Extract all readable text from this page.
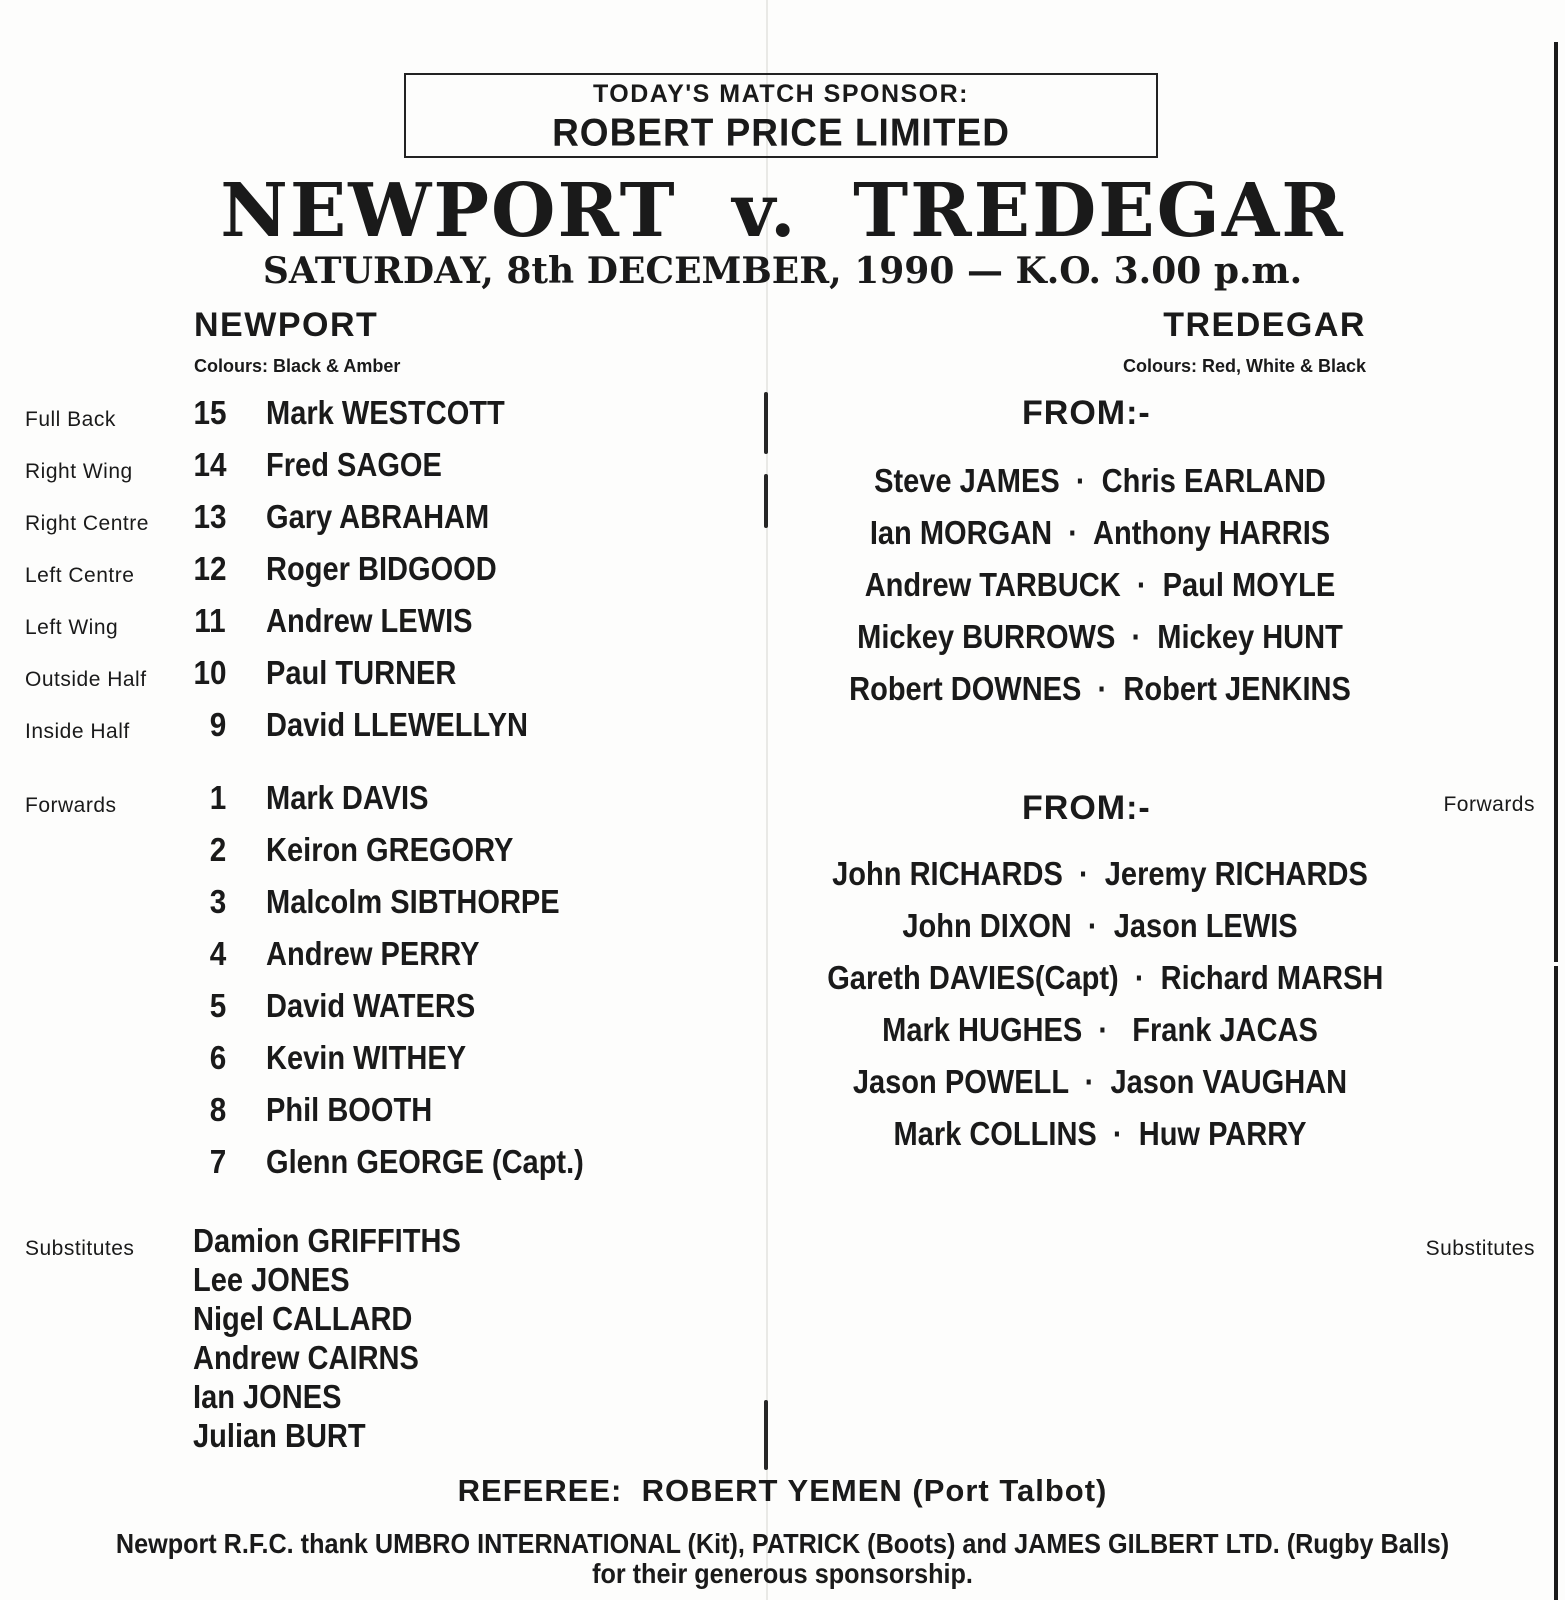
TODAY'S MATCH SPONSOR:
ROBERT PRICE LIMITED
NEWPORT  v.  TREDEGAR
SATURDAY, 8th DECEMBER, 1990 — K.O. 3.00 p.m.
NEWPORT
Colours: Black & Amber
TREDEGAR
Colours: Red, White & Black
Full Back 15 Mark WESTCOTT
Right Wing 14 Fred SAGOE
Right Centre 13 Gary ABRAHAM
Left Centre 12 Roger BIDGOOD
Left Wing 11 Andrew LEWIS
Outside Half 10 Paul TURNER
Inside Half	9	David LLEWELLYN
Forwards	1	Mark DAVIS
2	Keiron GREGORY
3	Malcolm SIBTHORPE
4	Andrew PERRY
5	David WATERS
6	Kevin WITHEY
8	Phil BOOTH
7	Glenn GEORGE (Capt.)
Substitutes Damion GRIFFITHS
Lee JONES
Nigel CALLARD
Andrew CAIRNS
Ian JONES
Julian BURT
FROM:-
Steve JAMES  ·  Chris EARLAND
Ian MORGAN  ·  Anthony HARRIS
Andrew TARBUCK  ·  Paul MOYLE
Mickey BURROWS  ·  Mickey HUNT
Robert DOWNES  ·  Robert JENKINS
FROM:-	Forwards
John RICHARDS  ·  Jeremy RICHARDS
John DIXON  ·  Jason LEWIS
Gareth DAVIES(Capt)  ·  Richard MARSH
Mark HUGHES  ·   Frank JACAS
Jason POWELL  ·  Jason VAUGHAN
Mark COLLINS  ·  Huw PARRY
Substitutes
REFEREE:  ROBERT YEMEN (Port Talbot)
Newport R.F.C. thank UMBRO INTERNATIONAL (Kit), PATRICK (Boots) and JAMES GILBERT LTD. (Rugby Balls)
for their generous sponsorship.
